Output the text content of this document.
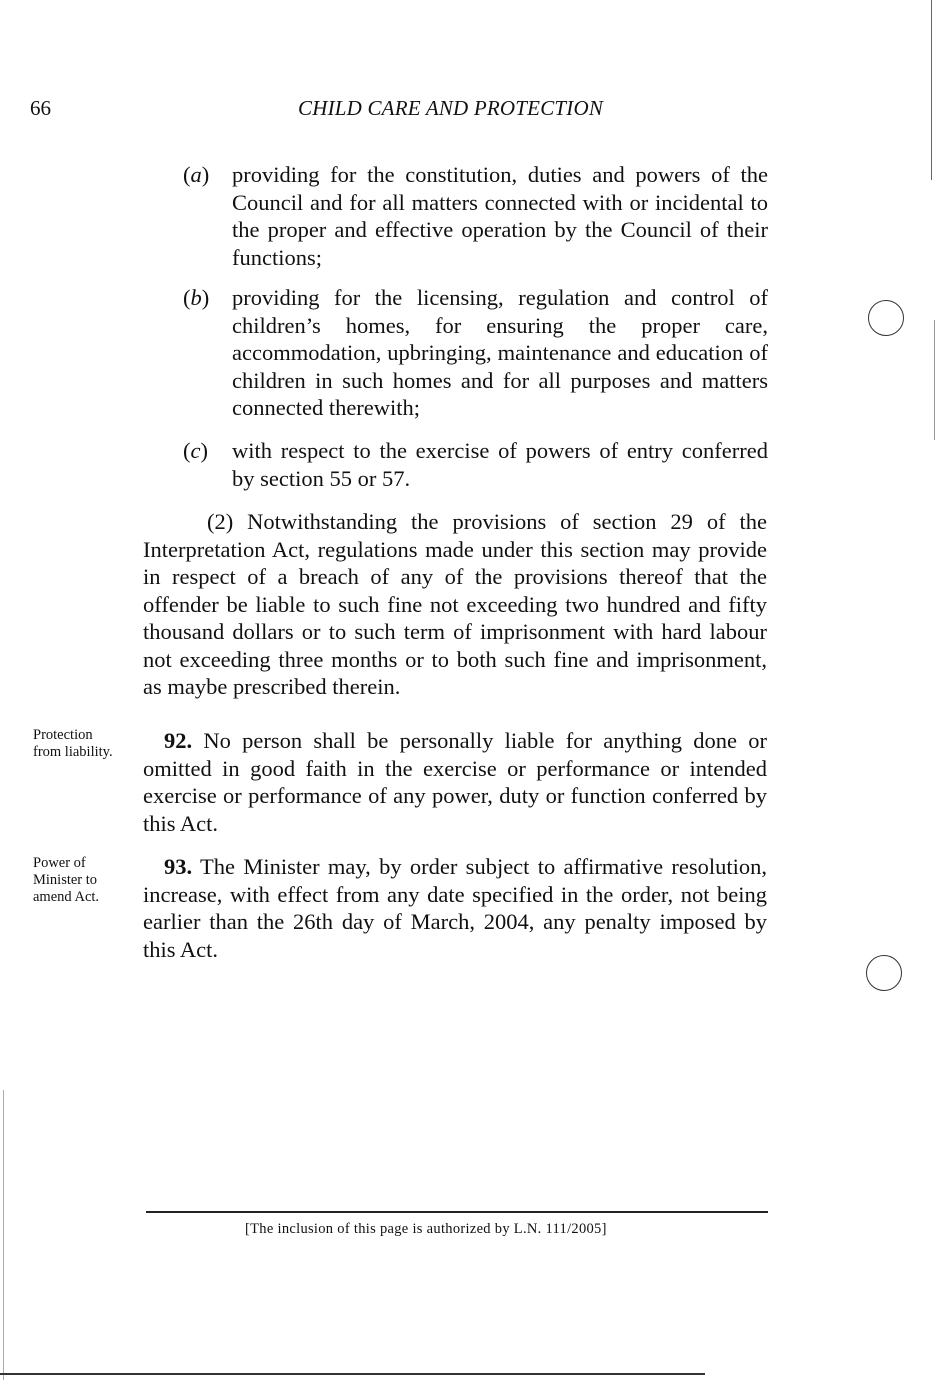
66	CHILD CARE AND PROTECTION
(a) providing for the constitution, duties and powers of the Council and for all matters connected with or incidental to the proper and effective operation by the Council of their functions;
(b) providing for the licensing, regulation and control of children’s homes, for ensuring the proper care, accommodation, upbringing, maintenance and education of children in such homes and for all purposes and matters connected therewith;
(c) with respect to the exercise of powers of entry conferred by section 55 or 57.
(2) Notwithstanding the provisions of section 29 of the Interpretation Act, regulations made under this section may provide in respect of a breach of any of the provisions thereof that the offender be liable to such fine not exceeding two hundred and fifty thousand dollars or to such term of imprisonment with hard labour not exceeding three months or to both such fine and imprisonment, as maybe prescribed therein.
Protection
from liability.	92. No person shall be personally liable for anything done or omitted in good faith in the exercise or performance or intended exercise or performance of any power, duty or function conferred by this Act.
Power of
Minister to
amend Act.
93. The Minister may, by order subject to affirmative resolution, increase, with effect from any date specified in the order, not being earlier than the 26th day of March, 2004, any penalty imposed by this Act.
[The inclusion of this page is authorized by L.N. 111/2005]
